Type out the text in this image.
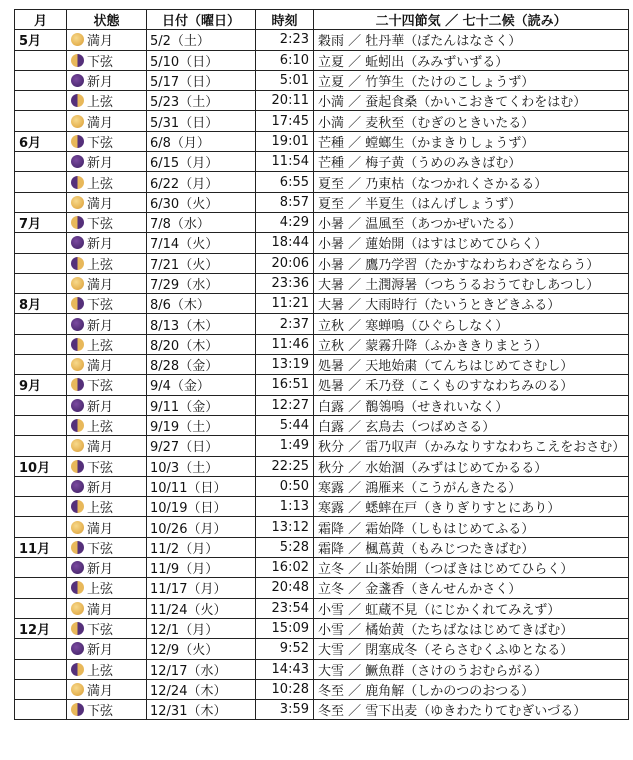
月	状態	日付（曜日）	時刻	二十四節気 ／ 七十二候（読み）
5月	満月	5/2（土）	2:23	穀雨 ／ 牡丹華（ぼたんはなさく）

	下弦	5/10（日）	6:10	立夏 ／ 蚯蚓出（みみずいずる）

	新月	5/17（日）	5:01	立夏 ／ 竹笋生（たけのこしょうず）

	上弦	5/23（土）	20:11	小満 ／ 蚕起食桑（かいこおきてくわをはむ）

	満月	5/31（日）	17:45	小満 ／ 麦秋至（むぎのときいたる）
6月	下弦	6/8（月）	19:01	芒種 ／ 螳螂生（かまきりしょうず）

	新月	6/15（月）	11:54	芒種 ／ 梅子黄（うめのみきばむ）

	上弦	6/22（月）	6:55	夏至 ／ 乃東枯（なつかれくさかるる）

	満月	6/30（火）	8:57	夏至 ／ 半夏生（はんげしょうず）
7月	下弦	7/8（水）	4:29	小暑 ／ 温風至（あつかぜいたる）

	新月	7/14（火）	18:44	小暑 ／ 蓮始開（はすはじめてひらく）

	上弦	7/21（火）	20:06	小暑 ／ 鷹乃学習（たかすなわちわざをならう）

	満月	7/29（水）	23:36	大暑 ／ 土潤溽暑（つちうるおうてむしあつし）
8月	下弦	8/6（木）	11:21	大暑 ／ 大雨時行（たいうときどきふる）

	新月	8/13（木）	2:37	立秋 ／ 寒蝉鳴（ひぐらしなく）

	上弦	8/20（木）	11:46	立秋 ／ 蒙霧升降（ふかききりまとう）

	満月	8/28（金）	13:19	処暑 ／ 天地始粛（てんちはじめてさむし）
9月	下弦	9/4（金）	16:51	処暑 ／ 禾乃登（こくものすなわちみのる）

	新月	9/11（金）	12:27	白露 ／ 鶺鴒鳴（せきれいなく）

	上弦	9/19（土）	5:44	白露 ／ 玄鳥去（つばめさる）

	満月	9/27（日）	1:49	秋分 ／ 雷乃収声（かみなりすなわちこえをおさむ）
10月	下弦	10/3（土）	22:25	秋分 ／ 水始涸（みずはじめてかるる）

	新月	10/11（日）	0:50	寒露 ／ 鴻雁来（こうがんきたる）

	上弦	10/19（日）	1:13	寒露 ／ 蟋蟀在戸（きりぎりすとにあり）

	満月	10/26（月）	13:12	霜降 ／ 霜始降（しもはじめてふる）
11月	下弦	11/2（月）	5:28	霜降 ／ 楓蔦黄（もみじつたきばむ）

	新月	11/9（月）	16:02	立冬 ／ 山茶始開（つばきはじめてひらく）

	上弦	11/17（月）	20:48	立冬 ／ 金盞香（きんせんかさく）

	満月	11/24（火）	23:54	小雪 ／ 虹蔵不見（にじかくれてみえず）
12月	下弦	12/1（月）	15:09	小雪 ／ 橘始黄（たちばなはじめてきばむ）

	新月	12/9（火）	9:52	大雪 ／ 閉塞成冬（そらさむくふゆとなる）

	上弦	12/17（水）	14:43	大雪 ／ 鱖魚群（さけのうおむらがる）

	満月	12/24（木）	10:28	冬至 ／ 鹿角解（しかのつのおつる）

	下弦	12/31（木）	3:59	冬至 ／ 雪下出麦（ゆきわたりてむぎいづる）
